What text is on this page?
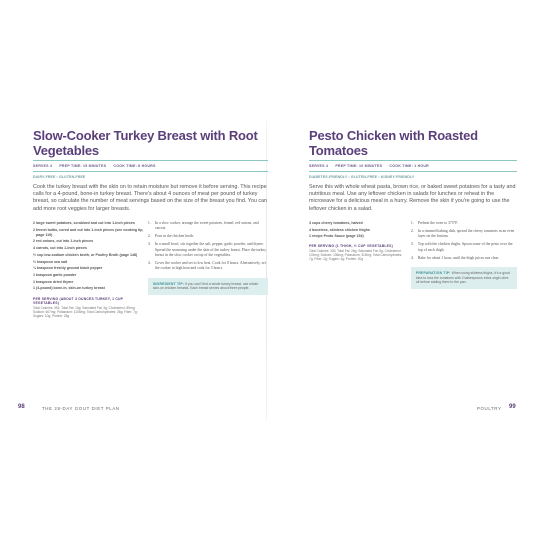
Slow-Cooker Turkey Breast with Root Vegetables
SERVES 4 PREP TIME: 15 MINUTES COOK TIME: 8 HOURS
DAIRY-FREE • GLUTEN-FREE
Cook the turkey breast with the skin on to retain moisture but remove it before serving. This recipe calls for a 4-pound, bone-in turkey breast. There's about 4 ounces of meat per pound of turkey breast, so calculate the number of meat servings based on the size of the breast you find. You can add more root veggies for larger breasts.
2 large sweet potatoes, scrubbed and cut into 1-inch pieces
2 fennel bulbs, cored and cut into 1-inch pieces (see cooking tip, page 119)
2 red onions, cut into 1-inch pieces
4 carrots, cut into 1-inch pieces
½ cup low-sodium chicken broth, or Poultry Broth (page 148)
½ teaspoon sea salt
¼ teaspoon freshly ground black pepper
1 teaspoon garlic powder
1 teaspoon dried thyme
1 (4-pound) bone-in, skin-on turkey breast
PER SERVING (ABOUT 3 OUNCES TURKEY, 1 CUP VEGETABLES)
Total Calories: 351; Total Fat: 10g; Saturated Fat: 3g; Cholesterol: 89mg; Sodium: 607mg; Potassium: 1106mg; Total Carbohydrates: 35g; Fiber: 7g; Sugars: 10g; Protein: 28g
1.	In a slow cooker, arrange the sweet potatoes, fennel, red onions, and carrots.
2.	Pour in the chicken broth.
3.	In a small bowl, stir together the salt, pepper, garlic powder, and thyme. Spread the seasoning under the skin of the turkey breast. Place the turkey breast in the slow cooker on top of the vegetables.
4.	Cover the cooker and set to low heat. Cook for 8 hours. Alternatively, set the cooker to high heat and cook for 5 hours.
INGREDIENT TIP: If you can't find a whole turkey breast, use whole skin-on chicken breasts. Each breast serves about three people.
Pesto Chicken with Roasted Tomatoes
SERVES 4 PREP TIME: 10 MINUTES COOK TIME: 1 HOUR
DIABETES-FRIENDLY • GLUTEN-FREE • KIDNEY-FRIENDLY
Serve this with whole wheat pasta, brown rice, or baked sweet potatoes for a tasty and nutritious meal. Use any leftover chicken in salads for lunches or reheat in the microwave for a delicious meal in a hurry. Remove the skin if you're going to use the leftover chicken in a salad.
3 cups cherry tomatoes, halved
4 boneless, skinless chicken thighs
1 recipe Pesto Sauce (page 154)
PER SERVING (1 THIGH, ½ CUP VEGETABLES)
Total Calories: 330; Total Fat: 26g; Saturated Fat: 5g; Cholesterol: 103mg; Sodium: 136mg; Potassium: 318mg; Total Carbohydrates: 7g; Fiber: 2g; Sugars: 4g; Protein: 20g
1.	Preheat the oven to 375°F.
2.	In a rimmed baking dish, spread the cherry tomatoes in an even layer on the bottom.
3.	Top with the chicken thighs. Spoon some of the pesto over the top of each thigh.
4.	Bake for about 1 hour, until the thigh juices run clear.
PREPARATION TIP: When using skinless thighs, it's a good idea to toss the tomatoes with 2 tablespoons extra-virgin olive oil before adding them to the pan.
98	THE 28-DAY GOUT DIET PLAN	POULTRY 99
